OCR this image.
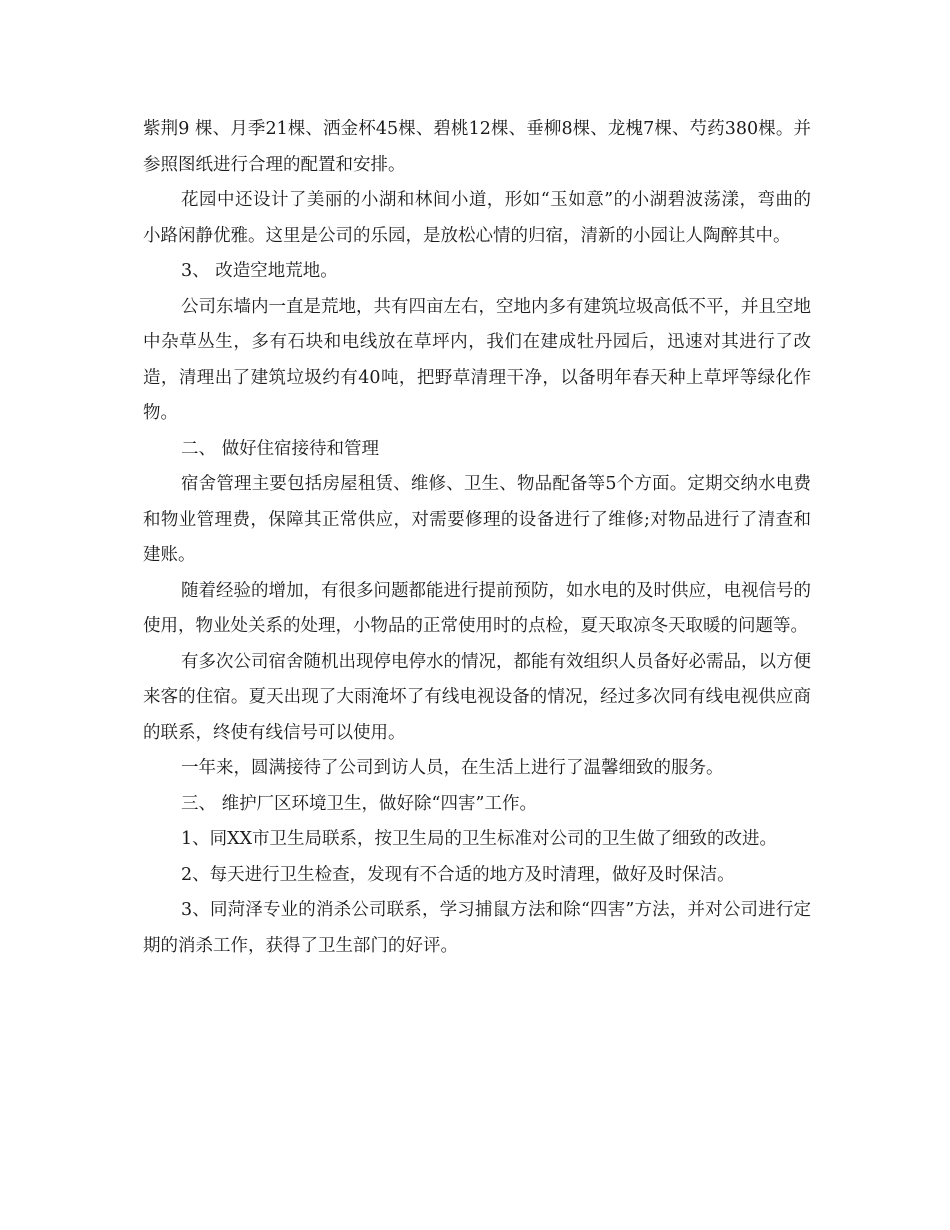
紫荆9 棵、月季21棵、洒金杯45棵、碧桃12棵、垂柳8棵、龙槐7棵、芍药380棵。并参照图纸进行合理的配置和安排。

花园中还设计了美丽的小湖和林间小道，形如“玉如意”的小湖碧波荡漾，弯曲的小路闲静优雅。这里是公司的乐园，是放松心情的归宿，清新的小园让人陶醉其中。

3、 改造空地荒地。

公司东墙内一直是荒地，共有四亩左右，空地内多有建筑垃圾高低不平，并且空地中杂草丛生，多有石块和电线放在草坪内，我们在建成牡丹园后，迅速对其进行了改造，清理出了建筑垃圾约有40吨，把野草清理干净，以备明年春天种上草坪等绿化作物。

二、 做好住宿接待和管理

宿舍管理主要包括房屋租赁、维修、卫生、物品配备等5个方面。定期交纳水电费和物业管理费，保障其正常供应，对需要修理的设备进行了维修;对物品进行了清查和建账。

随着经验的增加，有很多问题都能进行提前预防，如水电的及时供应，电视信号的使用，物业处关系的处理，小物品的正常使用时的点检，夏天取凉冬天取暖的问题等。

有多次公司宿舍随机出现停电停水的情况，都能有效组织人员备好必需品，以方便来客的住宿。夏天出现了大雨淹坏了有线电视设备的情况，经过多次同有线电视供应商的联系，终使有线信号可以使用。

一年来，圆满接待了公司到访人员，在生活上进行了温馨细致的服务。

三、 维护厂区环境卫生，做好除“四害”工作。

1、同XX市卫生局联系，按卫生局的卫生标准对公司的卫生做了细致的改进。

2、每天进行卫生检查，发现有不合适的地方及时清理，做好及时保洁。

3、同菏泽专业的消杀公司联系，学习捕鼠方法和除“四害”方法，并对公司进行定期的消杀工作，获得了卫生部门的好评。
